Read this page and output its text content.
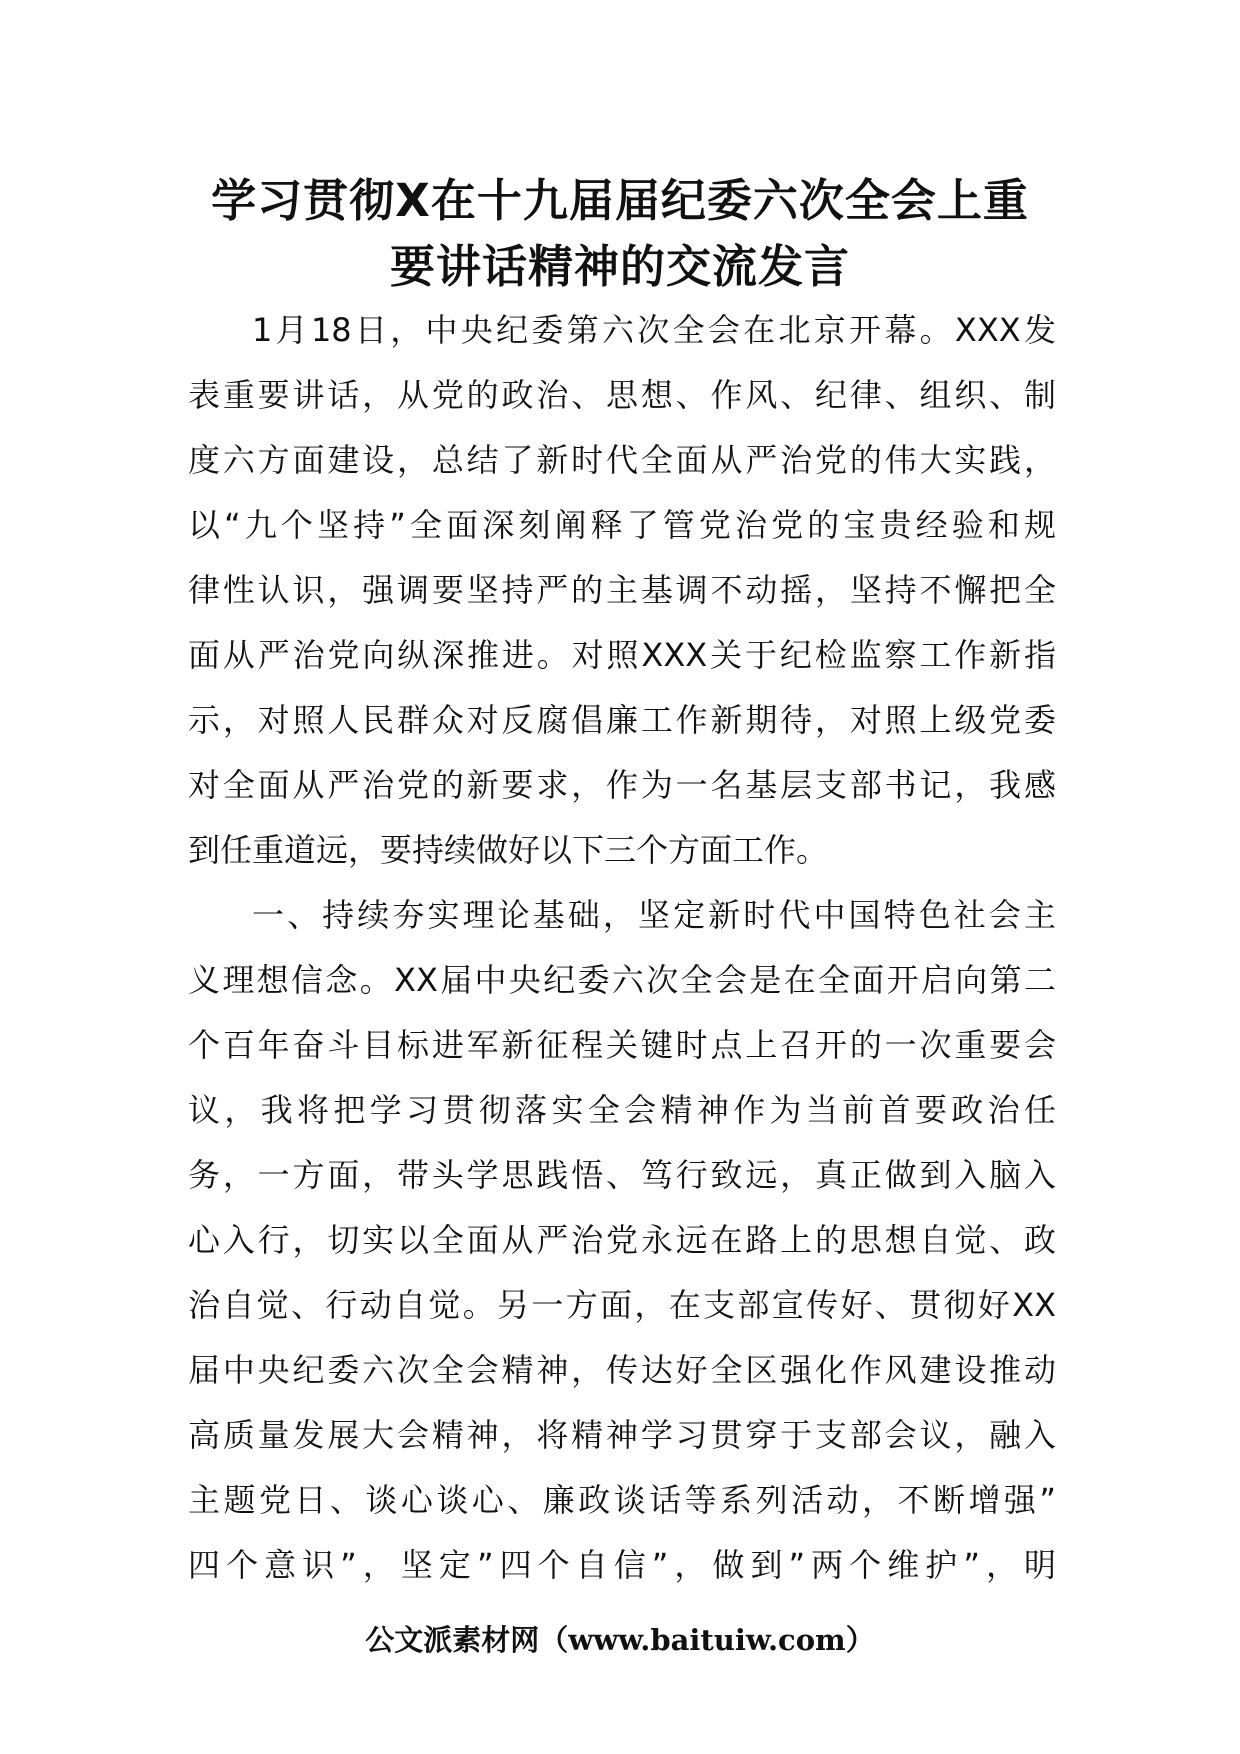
学习贯彻X在十九届届纪委六次全会上重
要讲话精神的交流发言
1月18日，中央纪委第六次全会在北京开幕。XXX发
表重要讲话，从党的政治、思想、作风、纪律、组织、制
度六方面建设，总结了新时代全面从严治党的伟大实践，
以“九个坚持”全面深刻阐释了管党治党的宝贵经验和规
律性认识，强调要坚持严的主基调不动摇，坚持不懈把全
面从严治党向纵深推进。对照XXX关于纪检监察工作新指
示，对照人民群众对反腐倡廉工作新期待，对照上级党委
对全面从严治党的新要求，作为一名基层支部书记，我感
到任重道远，要持续做好以下三个方面工作。
一、持续夯实理论基础，坚定新时代中国特色社会主
义理想信念。XX届中央纪委六次全会是在全面开启向第二
个百年奋斗目标进军新征程关键时点上召开的一次重要会
议，我将把学习贯彻落实全会精神作为当前首要政治任
务，一方面，带头学思践悟、笃行致远，真正做到入脑入
心入行，切实以全面从严治党永远在路上的思想自觉、政
治自觉、行动自觉。另一方面，在支部宣传好、贯彻好XX
届中央纪委六次全会精神，传达好全区强化作风建设推动
高质量发展大会精神，将精神学习贯穿于支部会议，融入
主题党日、谈心谈心、廉政谈话等系列活动，不断增强”
四个意识”，坚定”四个自信”，做到”两个维护”，明
公文派素材网（www.baituiw.com）
